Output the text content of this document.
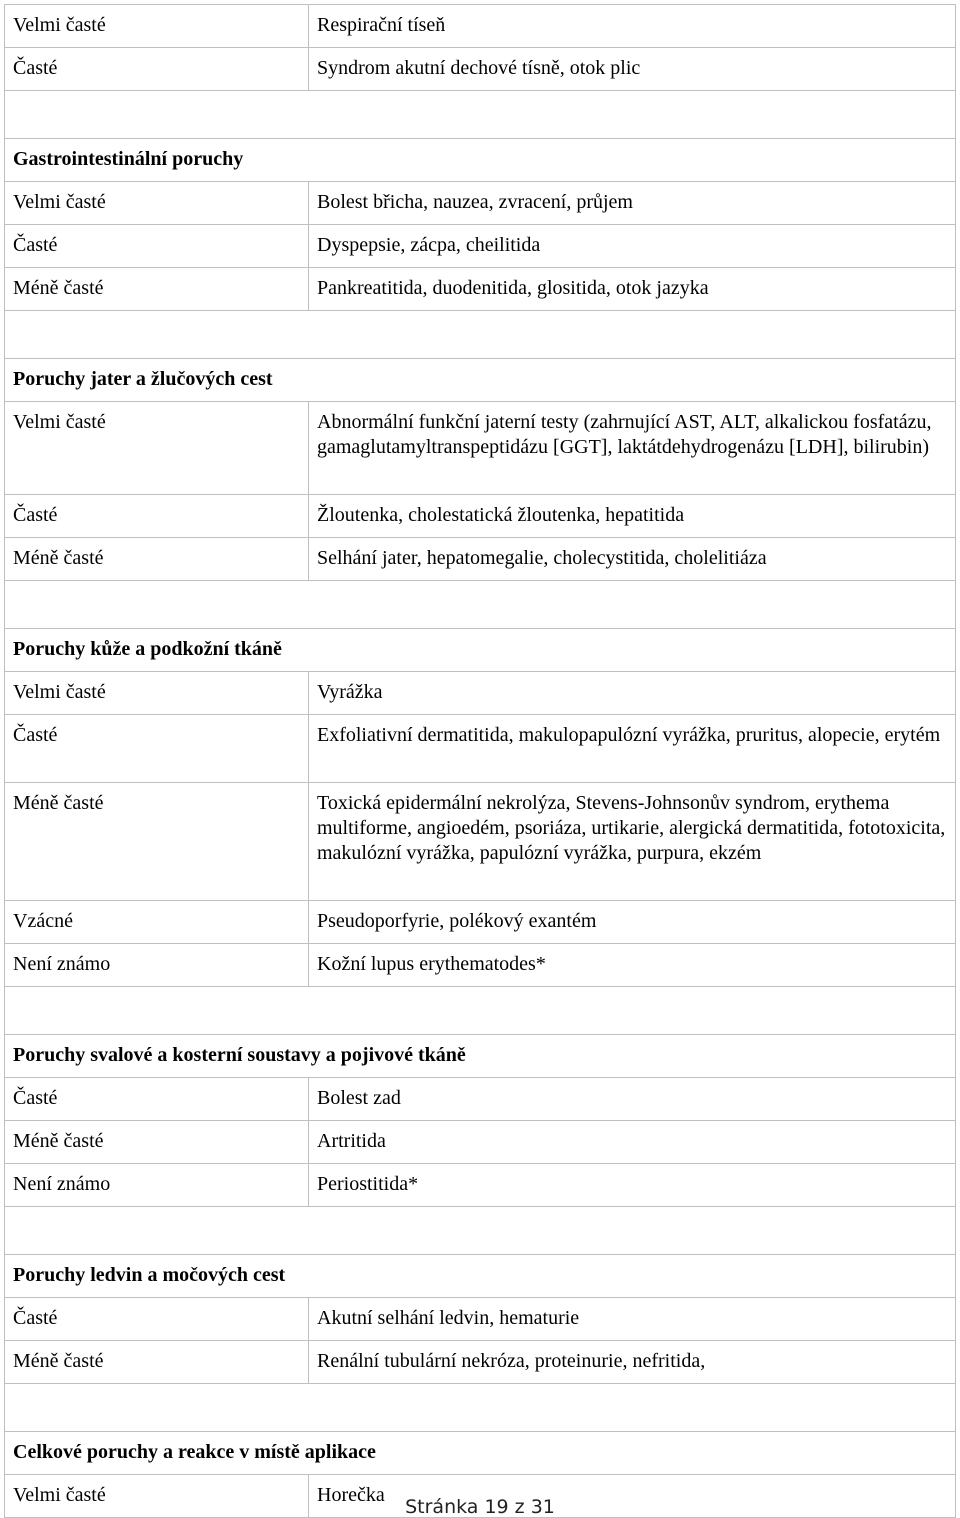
Velmi časté	Respirační tíseň
Časté	Syndrom akutní dechové tísně, otok plic

Gastrointestinální poruchy	
Velmi časté	Bolest břicha, nauzea, zvracení, průjem
Časté	Dyspepsie, zácpa, cheilitida
Méně časté	Pankreatitida, duodenitida, glositida, otok jazyka

Poruchy jater a žlučových cest	
Velmi časté	Abnormální funkční jaterní testy (zahrnující AST, ALT, alkalickou fosfatázu, gamaglutamyltranspeptidázu [GGT], laktátdehydrogenázu [LDH], bilirubin)
Časté	Žloutenka, cholestatická žloutenka, hepatitida
Méně časté	Selhání jater, hepatomegalie, cholecystitida, cholelitiáza

Poruchy kůže a podkožní tkáně	
Velmi časté	Vyrážka
Časté	Exfoliativní dermatitida, makulopapulózní vyrážka, pruritus, alopecie, erytém
Méně časté	Toxická epidermální nekrolýza, Stevens-Johnsonův syndrom, erythema multiforme, angioedém, psoriáza, urtikarie, alergická dermatitida, fototoxicita, makulózní vyrážka, papulózní vyrážka, purpura, ekzém
Vzácné	Pseudoporfyrie, polékový exantém
Není známo	Kožní lupus erythematodes*

Poruchy svalové a kosterní soustavy a pojivové tkáně	
Časté	Bolest zad
Méně časté	Artritida
Není známo	Periostitida*

Poruchy ledvin a močových cest	
Časté	Akutní selhání ledvin, hematurie
Méně časté	Renální tubulární nekróza, proteinurie, nefritida,

Celkové poruchy a reakce v místě aplikace	
Velmi časté	Horečka
Stránka 19 z 31
